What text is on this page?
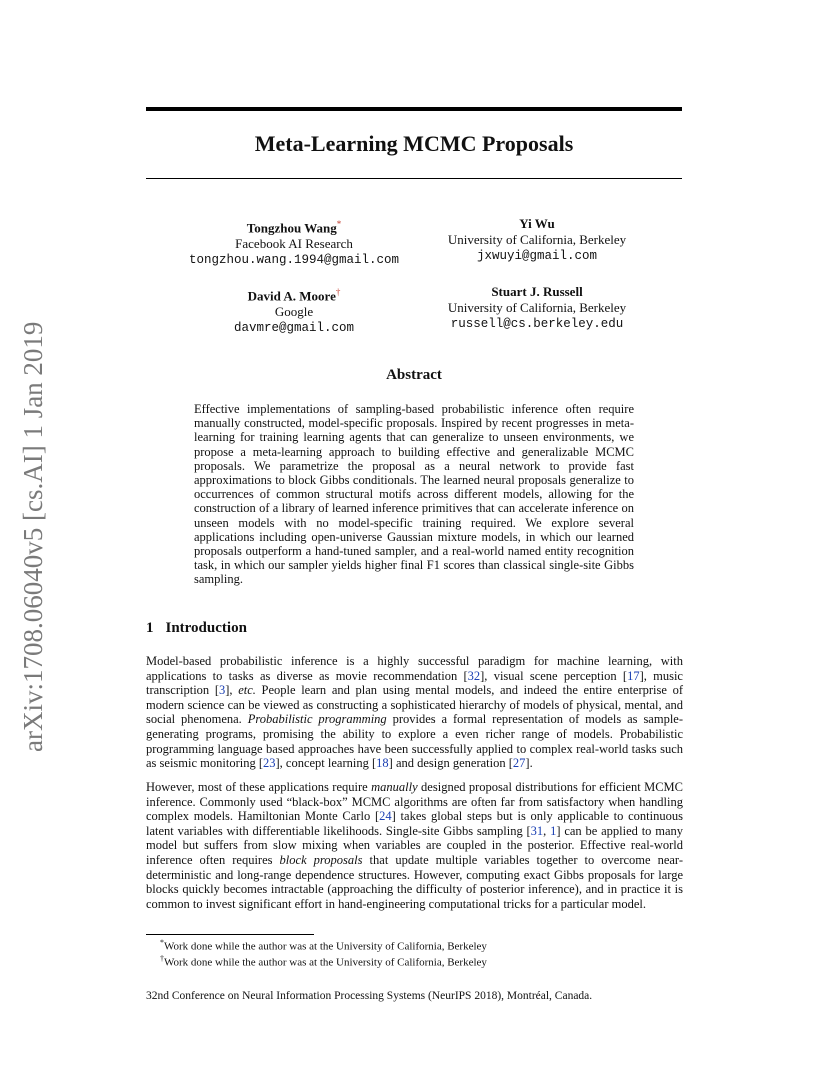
arXiv:1708.06040v5 [cs.AI] 1 Jan 2019
Meta-Learning MCMC Proposals
Tongzhou Wang*
Facebook AI Research
tongzhou.wang.1994@gmail.com
Yi Wu
University of California, Berkeley
jxwuyi@gmail.com
David A. Moore†
Google
davmre@gmail.com
Stuart J. Russell
University of California, Berkeley
russell@cs.berkeley.edu
Abstract
Effective implementations of sampling-based probabilistic inference often require manually constructed, model-specific proposals. Inspired by recent progresses in meta-learning for training learning agents that can generalize to unseen environments, we propose a meta-learning approach to building effective and generalizable MCMC proposals. We parametrize the proposal as a neural network to provide fast approximations to block Gibbs conditionals. The learned neural proposals generalize to occurrences of common structural motifs across different models, allowing for the construction of a library of learned inference primitives that can accelerate inference on unseen models with no model-specific training required. We explore several applications including open-universe Gaussian mixture models, in which our learned proposals outperform a hand-tuned sampler, and a real-world named entity recognition task, in which our sampler yields higher final F1 scores than classical single-site Gibbs sampling.
1 Introduction
Model-based probabilistic inference is a highly successful paradigm for machine learning, with applications to tasks as diverse as movie recommendation [32], visual scene perception [17], music transcription [3], etc. People learn and plan using mental models, and indeed the entire enterprise of modern science can be viewed as constructing a sophisticated hierarchy of models of physical, mental, and social phenomena. Probabilistic programming provides a formal representation of models as sample-generating programs, promising the ability to explore a even richer range of models. Probabilistic programming language based approaches have been successfully applied to complex real-world tasks such as seismic monitoring [23], concept learning [18] and design generation [27].
However, most of these applications require manually designed proposal distributions for efficient MCMC inference. Commonly used “black-box” MCMC algorithms are often far from satisfactory when handling complex models. Hamiltonian Monte Carlo [24] takes global steps but is only applicable to continuous latent variables with differentiable likelihoods. Single-site Gibbs sampling [31, 1] can be applied to many model but suffers from slow mixing when variables are coupled in the posterior. Effective real-world inference often requires block proposals that update multiple variables together to overcome near-deterministic and long-range dependence structures. However, computing exact Gibbs proposals for large blocks quickly becomes intractable (approaching the difficulty of posterior inference), and in practice it is common to invest significant effort in hand-engineering computational tricks for a particular model.
*Work done while the author was at the University of California, Berkeley
†Work done while the author was at the University of California, Berkeley
32nd Conference on Neural Information Processing Systems (NeurIPS 2018), Montréal, Canada.
